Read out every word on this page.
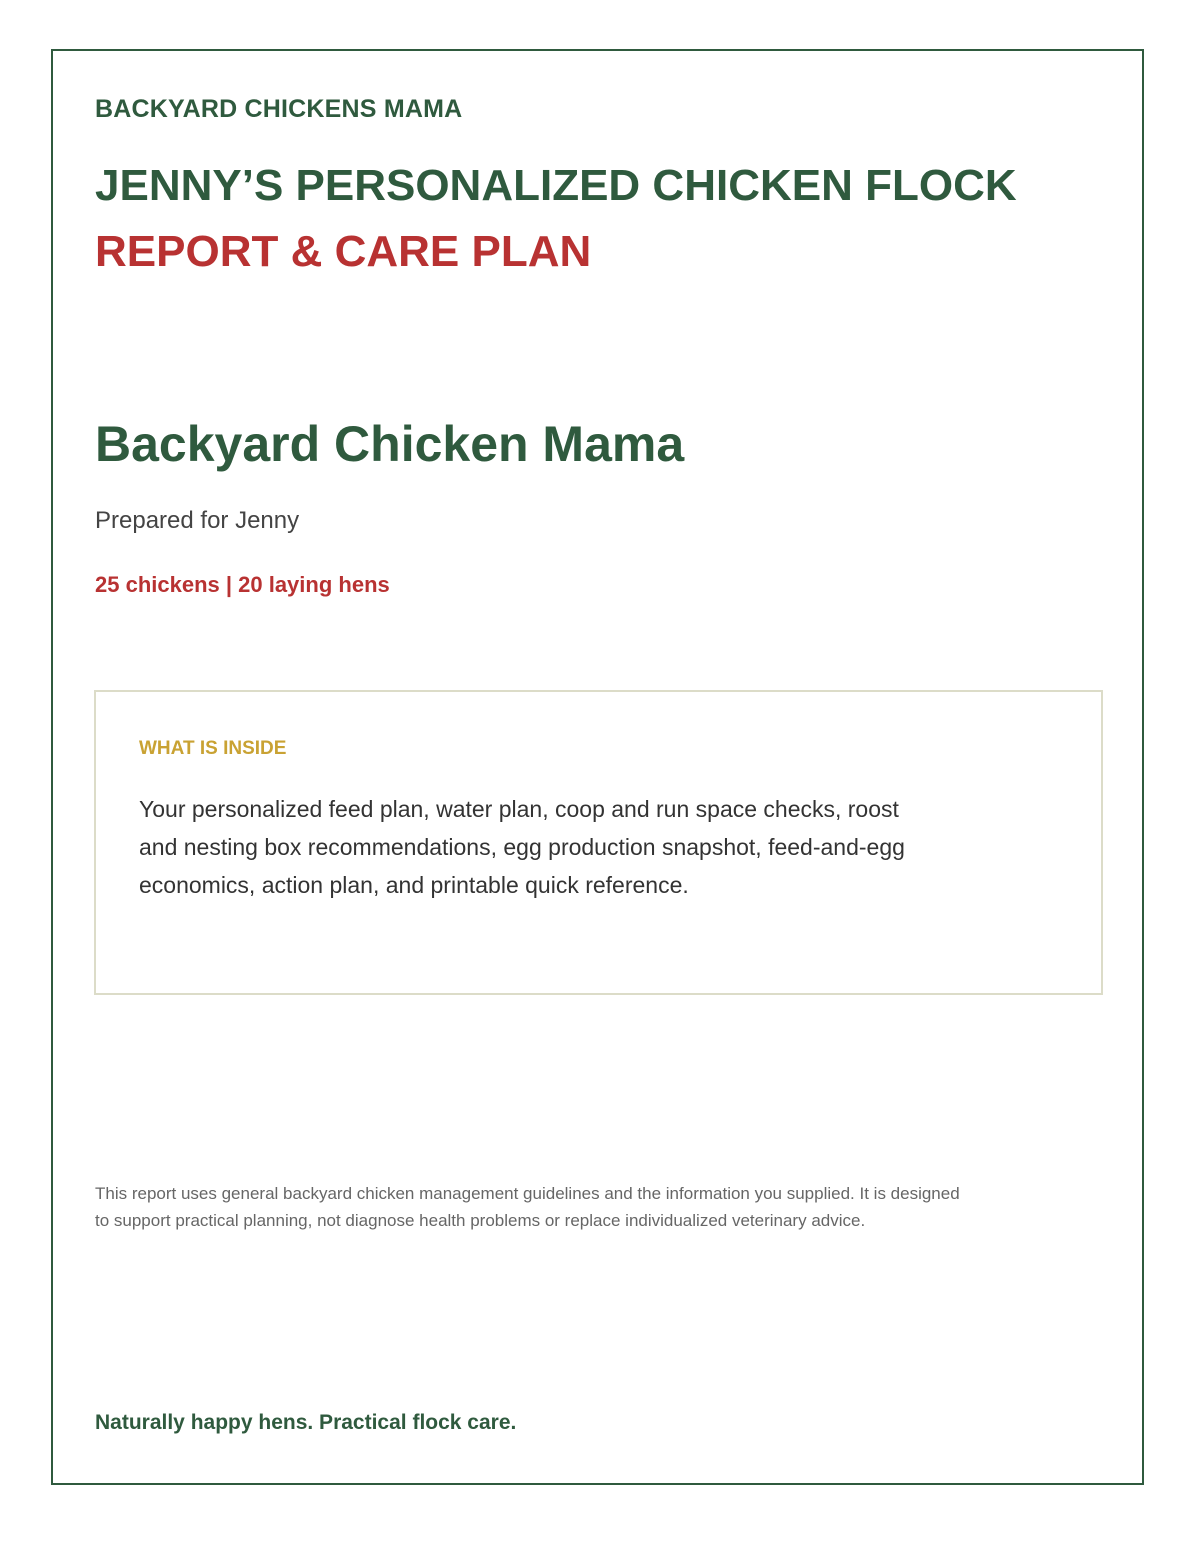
BACKYARD CHICKENS MAMA
JENNY’S PERSONALIZED CHICKEN FLOCK
REPORT & CARE PLAN
Backyard Chicken Mama
Prepared for Jenny
25 chickens | 20 laying hens
WHAT IS INSIDE
Your personalized feed plan, water plan, coop and run space checks, roost and nesting box recommendations, egg production snapshot, feed-and-egg economics, action plan, and printable quick reference.
This report uses general backyard chicken management guidelines and the information you supplied. It is designed to support practical planning, not diagnose health problems or replace individualized veterinary advice.
Naturally happy hens. Practical flock care.
